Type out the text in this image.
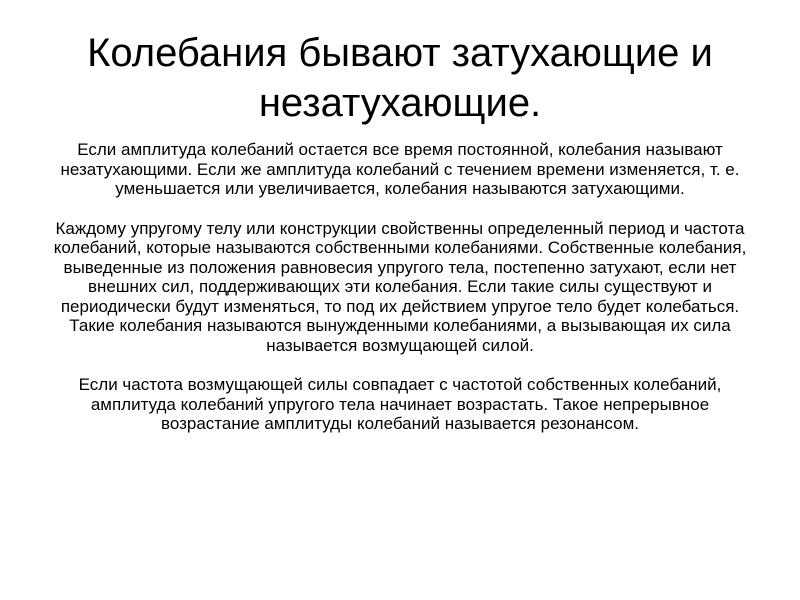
Колебания бывают затухающие и незатухающие.

Если амплитуда колебаний остается все время постоянной, колебания называют незатухающими. Если же амплитуда колебаний с течением времени изменяется, т. е. уменьшается или увеличивается, колебания называются затухающими.

Каждому упругому телу или конструкции свойственны определенный период и частота колебаний, которые называются собственными колебаниями. Собственные колебания, выведенные из положения равновесия упругого тела, постепенно затухают, если нет внешних сил, поддерживающих эти колебания. Если такие силы существуют и периодически будут изменяться, то под их действием упругое тело будет колебаться. Такие колебания называются вынужденными колебаниями, а вызывающая их сила называется возмущающей силой.

Если частота возмущающей силы совпадает с частотой собственных колебаний, амплитуда колебаний упругого тела начинает возрастать. Такое непрерывное возрастание амплитуды колебаний называется резонансом.
